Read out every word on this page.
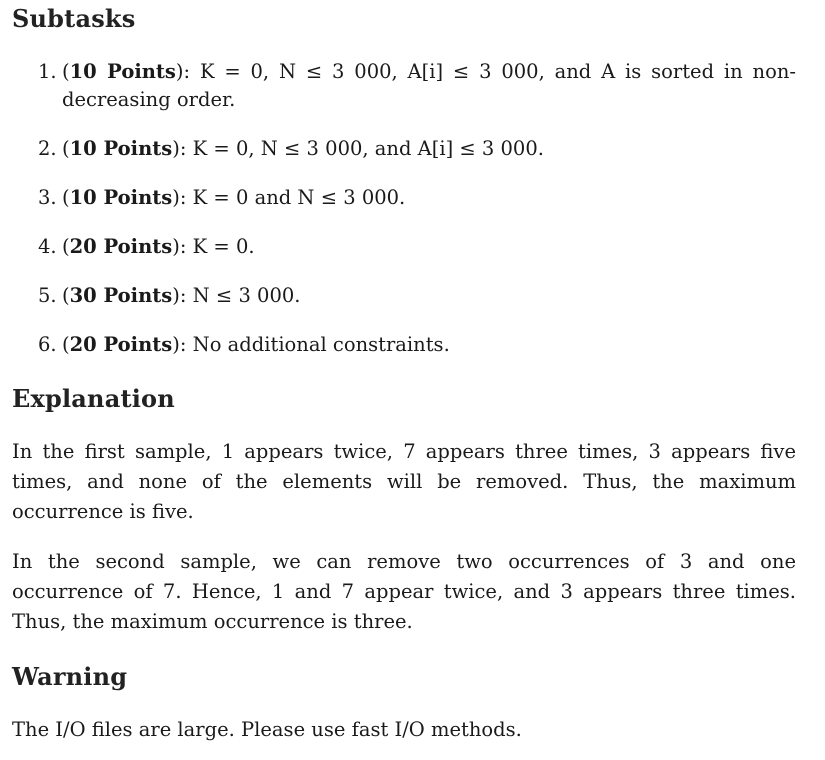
Subtasks
1. (10 Points): K = 0, N ≤ 3 000, A[i] ≤ 3 000, and A is sorted in non-decreasing order.
2. (10 Points): K = 0, N ≤ 3 000, and A[i] ≤ 3 000.
3. (10 Points): K = 0 and N ≤ 3 000.
4. (20 Points): K = 0.
5. (30 Points): N ≤ 3 000.
6. (20 Points): No additional constraints.
Explanation

In the first sample, 1 appears twice, 7 appears three times, 3 appears five times, and none of the elements will be removed. Thus, the maximum occurrence is five.

In the second sample, we can remove two occurrences of 3 and one occurrence of 7. Hence, 1 and 7 appear twice, and 3 appears three times. Thus, the maximum occurrence is three.

Warning

The I/O files are large. Please use fast I/O methods.
